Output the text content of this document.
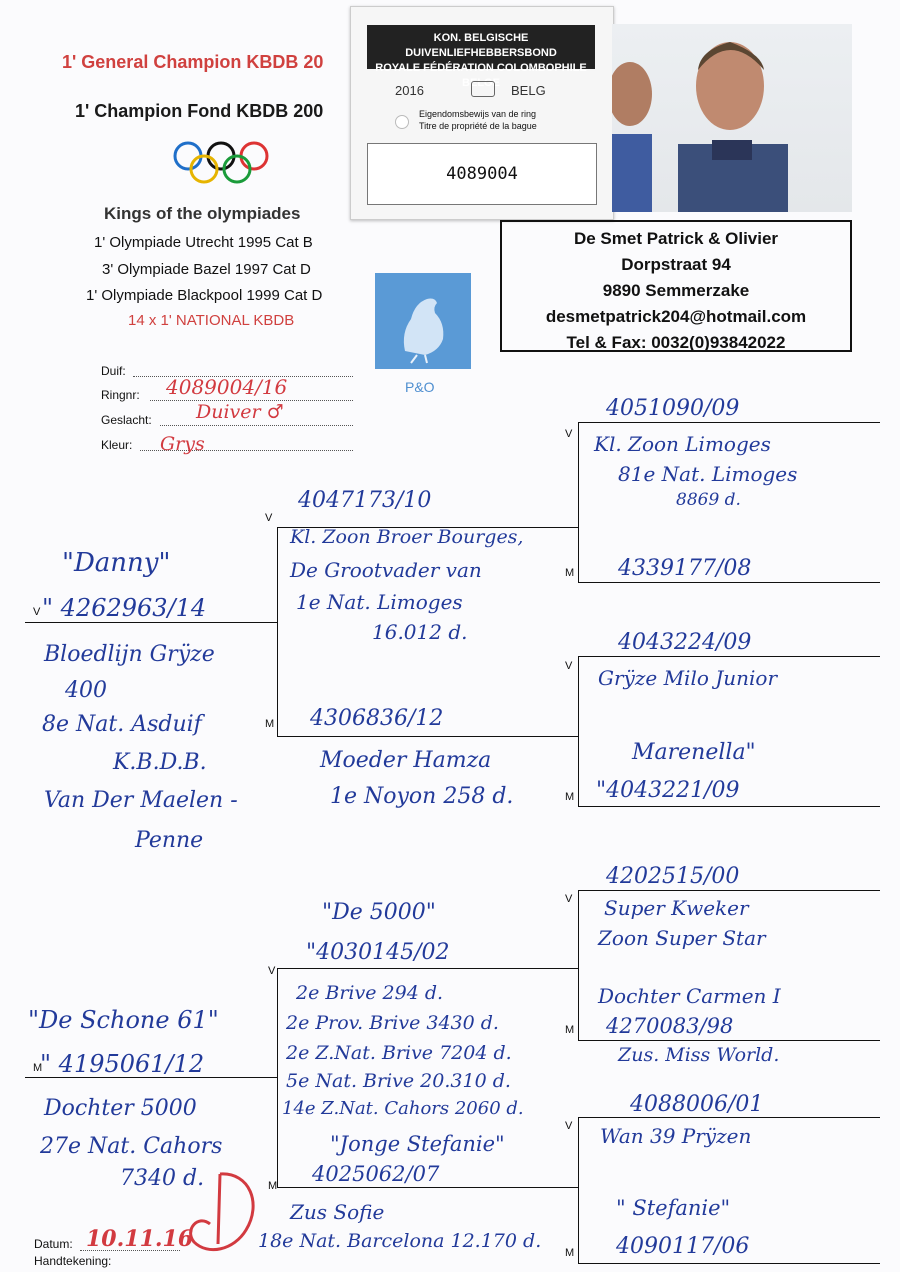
1' General Champion KBDB 20
1' Champion Fond KBDB 200
Kings of the olympiades
1' Olympiade Utrecht 1995 Cat B
3' Olympiade Bazel 1997 Cat D
1' Olympiade Blackpool 1999 Cat D
14 x 1' NATIONAL KBDB
P&O
KON. BELGISCHE DUIVENLIEFHEBBERSBOND
ROYALE FÉDÉRATION COLOMBOPHILE BELGE
2016	BELG
Eigendomsbewijs van de ring
Titre de propriété de la bague
4089004
De Smet Patrick & Olivier
Dorpstraat 94
9890 Semmerzake
desmetpatrick204@hotmail.com
Tel & Fax: 0032(0)93842022
Duif:
Ringnr: 4089004/16
Geslacht: Duiver ♂
Kleur: Grys
V
M
V
M
V
M
V
M
V
M
V
M
V
M
"Danny"
" 4262963/14
Bloedlijn Grÿze
400
8e Nat. Asduif
K.B.D.B.
Van Der Maelen -
Penne
"De Schone 61"
" 4195061/12
Dochter 5000
27e Nat. Cahors
7340 d.
4047173/10
Kl. Zoon Broer Bourges,
De Grootvader van
1e Nat. Limoges
16.012 d.
4306836/12
Moeder Hamza
1e Noyon 258 d.
"De 5000"
"4030145/02
2e Brive 294 d.
2e Prov. Brive 3430 d.
2e Z.Nat. Brive 7204 d.
5e Nat. Brive 20.310 d.
14e Z.Nat. Cahors 2060 d.
"Jonge Stefanie"
4025062/07
Zus Sofie
18e Nat. Barcelona 12.170 d.
4051090/09
Kl. Zoon Limoges
81e Nat. Limoges
8869 d.
4339177/08
4043224/09
Grÿze Milo Junior
Marenella"
"4043221/09
4202515/00
Super Kweker
Zoon Super Star
Dochter Carmen I
4270083/98
Zus. Miss World.
4088006/01
Wan 39 Prÿzen
" Stefanie"
4090117/06
Datum: 10.11.16
Handtekening:
